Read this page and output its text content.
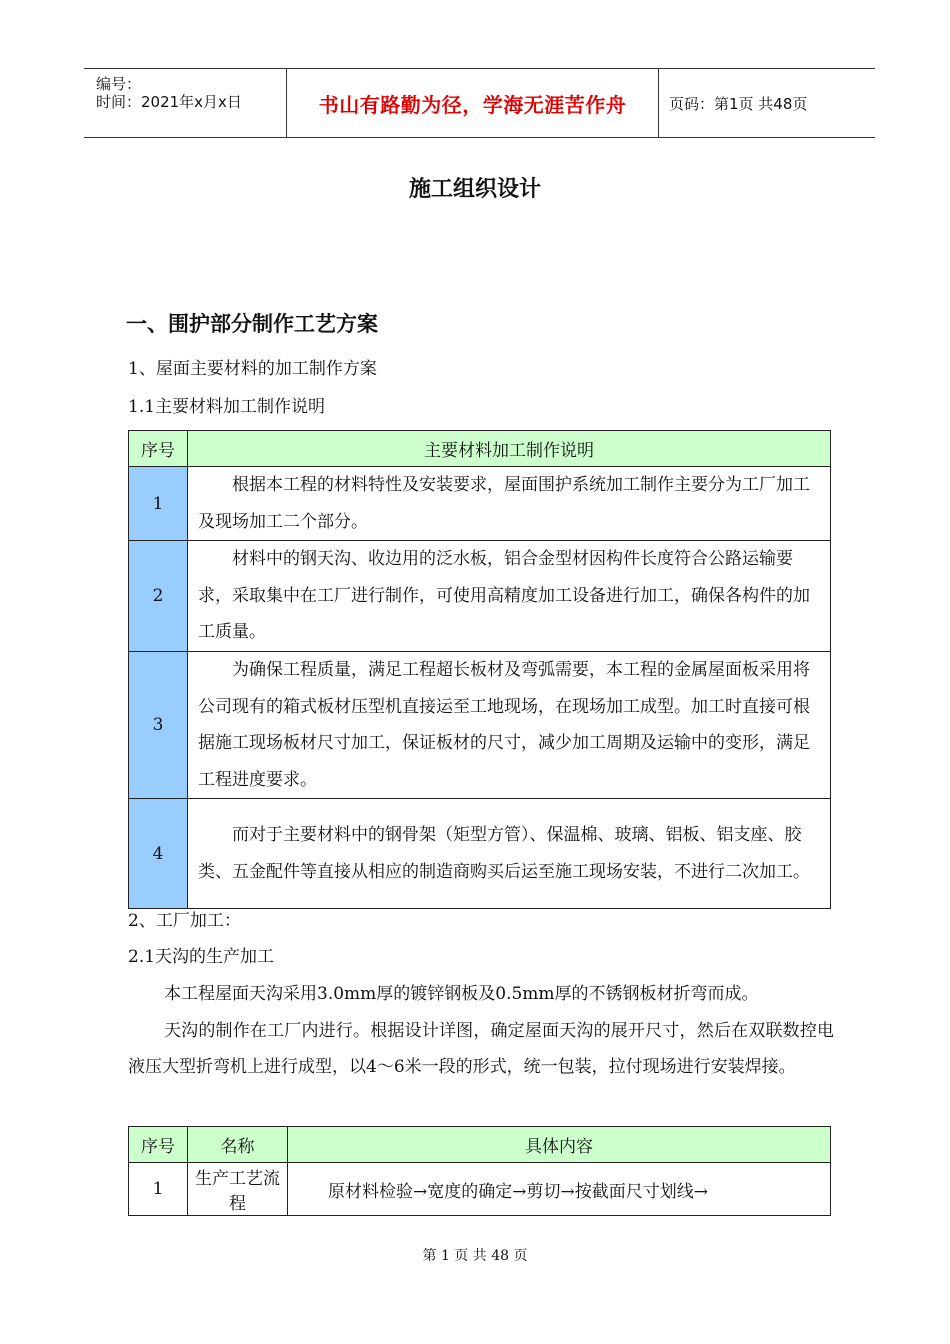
编号：
时间：2021年x月x日	书山有路勤为径，学海无涯苦作舟	页码：第1页 共48页
施工组织设计
一、围护部分制作工艺方案
1、屋面主要材料的加工制作方案
1.1主要材料加工制作说明
序号	主要材料加工制作说明
1	根据本工程的材料特性及安装要求，屋面围护系统加工制作主要分为工厂加工及现场加工二个部分。
2	材料中的钢天沟、收边用的泛水板，铝合金型材因构件长度符合公路运输要求，采取集中在工厂进行制作，可使用高精度加工设备进行加工，确保各构件的加工质量。
3	为确保工程质量，满足工程超长板材及弯弧需要，本工程的金属屋面板采用将公司现有的箱式板材压型机直接运至工地现场，在现场加工成型。加工时直接可根据施工现场板材尺寸加工，保证板材的尺寸，减少加工周期及运输中的变形，满足工程进度要求。
4	而对于主要材料中的钢骨架（矩型方管）、保温棉、玻璃、铝板、铝支座、胶类、五金配件等直接从相应的制造商购买后运至施工现场安装，不进行二次加工。
2、工厂加工：
2.1天沟的生产加工
本工程屋面天沟采用3.0mm厚的镀锌钢板及0.5mm厚的不锈钢板材折弯而成。
天沟的制作在工厂内进行。根据设计详图，确定屋面天沟的展开尺寸，然后在双联数控电液压大型折弯机上进行成型，以4～6米一段的形式，统一包装，拉付现场进行安装焊接。
序号	名称	具体内容
1	生产工艺流程	原材料检验→宽度的确定→剪切→按截面尺寸划线→
第 1 页 共 48 页
